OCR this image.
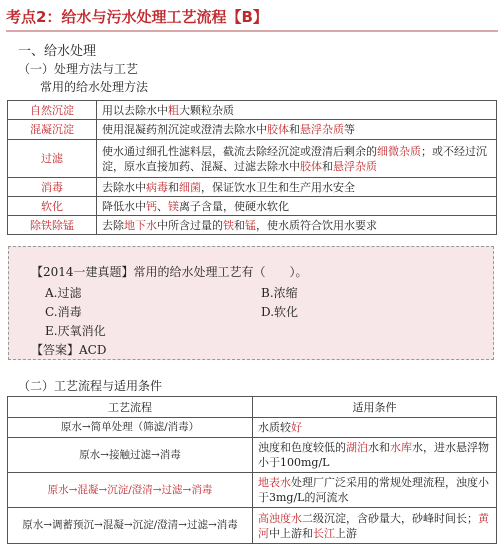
考点2：给水与污水处理工艺流程【B】
一、给水处理
（一）处理方法与工艺
常用的给水处理方法
自然沉淀	用以去除水中粗大颗粒杂质
混凝沉淀	使用混凝药剂沉淀或澄清去除水中胶体和悬浮杂质等
过滤	使水通过细孔性滤料层，截流去除经沉淀或澄清后剩余的细微杂质；或不经过沉淀，原水直接加药、混凝、过滤去除水中胶体和悬浮杂质
消毒	去除水中病毒和细菌，保证饮水卫生和生产用水安全
软化	降低水中钙、镁离子含量，使硬水软化
除铁除锰	去除地下水中所含过量的铁和锰，使水质符合饮用水要求
【2014一建真题】常用的给水处理工艺有（　　）。
A.过滤	B.浓缩
C.消毒	D.软化
E.厌氧消化
【答案】ACD
（二）工艺流程与适用条件
工艺流程	适用条件
原水→简单处理（筛滤/消毒）	水质较好
原水→接触过滤→消毒	浊度和色度较低的湖泊水和水库水，进水悬浮物小于100mg/L
原水→混凝→沉淀/澄清→过滤→消毒	地表水处理厂广泛采用的常规处理流程，浊度小于3mg/L的河流水
原水→调蓄预沉→混凝→沉淀/澄清→过滤→消毒	高浊度水二级沉淀，含砂量大，砂峰时间长；黄河中上游和长江上游
